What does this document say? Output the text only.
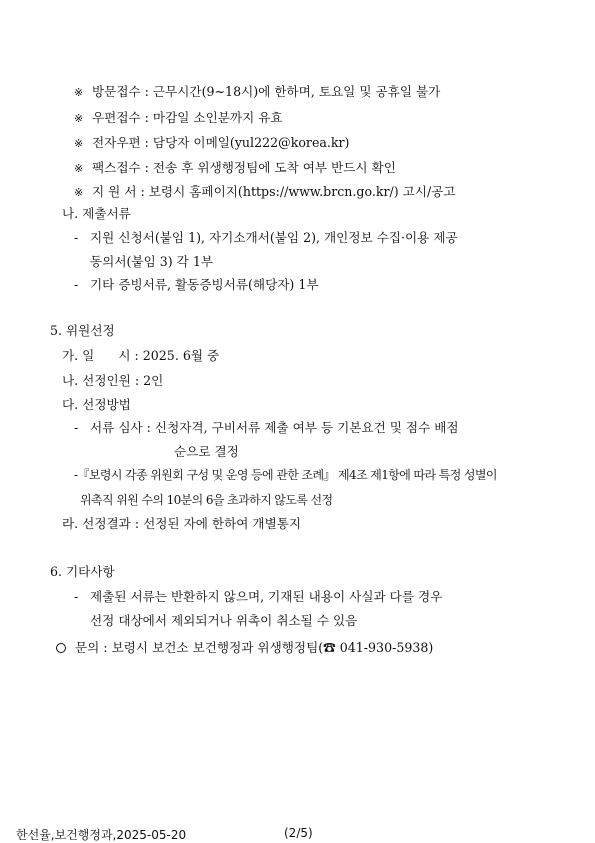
※ 방문접수 : 근무시간(9~18시)에 한하며, 토요일 및 공휴일 불가
※ 우편접수 : 마감일 소인분까지 유효
※ 전자우편 : 담당자 이메일(yul222@korea.kr)
※ 팩스접수 : 전송 후 위생행정팀에 도착 여부 반드시 확인
※ 지 원 서 : 보령시 홈페이지(https://www.brcn.go.kr/) 고시/공고
나. 제출서류
- 지원 신청서(붙임 1), 자기소개서(붙임 2), 개인정보 수집·이용 제공
동의서(붙임 3) 각 1부
- 기타 증빙서류, 활동증빙서류(해당자) 1부
5. 위원선정
가. 일      시 : 2025. 6월 중
나. 선정인원 : 2인
다. 선정방법
- 서류 심사 : 신청자격, 구비서류 제출 여부 등 기본요건 및 점수 배점
순으로 결정
-『보령시 각종 위원회 구성 및 운영 등에 관한 조례』 제4조 제1항에 따라 특정 성별이
위촉직 위원 수의 10분의 6을 초과하지 않도록 선정
라. 선정결과 : 선정된 자에 한하여 개별통지
6. 기타사항
- 제출된 서류는 반환하지 않으며, 기재된 내용이 사실과 다를 경우
선정 대상에서 제외되거나 위촉이 취소될 수 있음
문의 : 보령시 보건소 보건행정과 위생행정팀(☎ 041-930-5938)
한선율,보건행정과,2025-05-20	(2/5)
